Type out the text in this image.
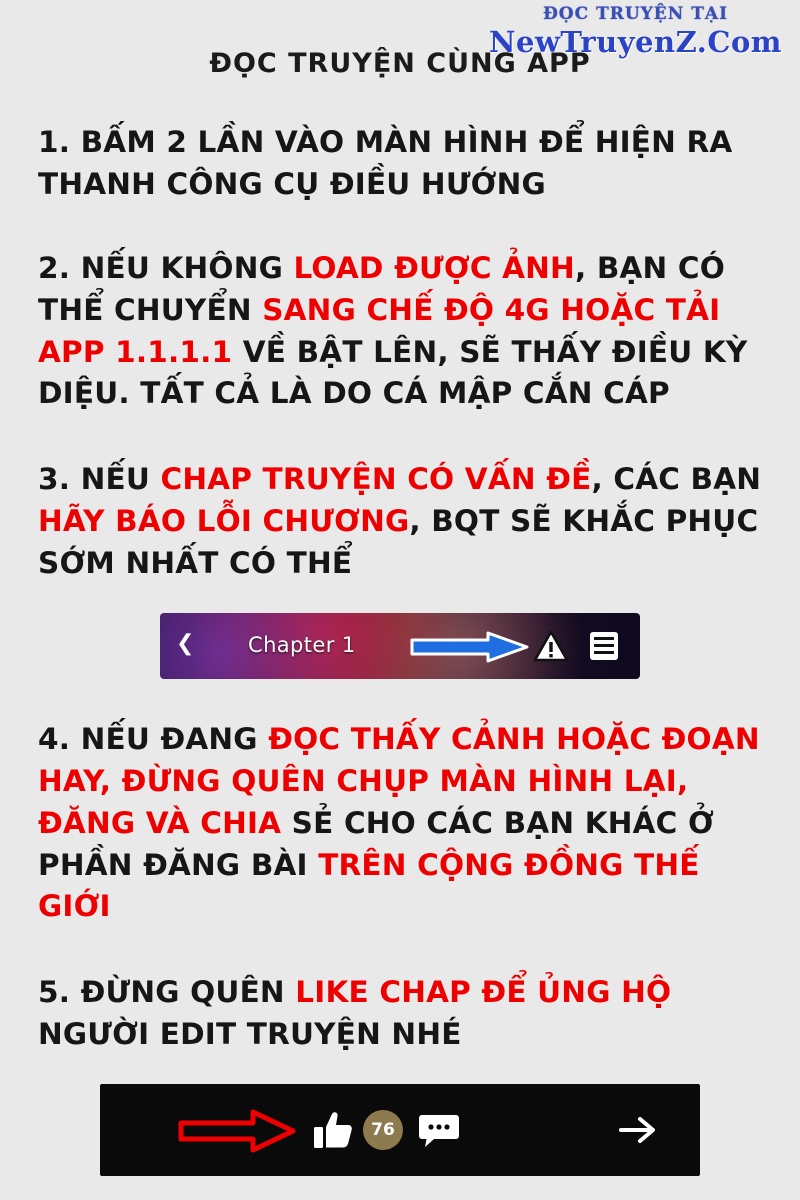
ĐỌC TRUYỆN TẠI
NewTruyenZ.Com
ĐỌC TRUYỆN CÙNG APP
1. BẤM 2 LẦN VÀO MÀN HÌNH ĐỂ HIỆN RA THANH CÔNG CỤ ĐIỀU HƯỚNG
2. NẾU KHÔNG LOAD ĐƯỢC ẢNH, BẠN CÓ THỂ CHUYỂN SANG CHẾ ĐỘ 4G HOẶC TẢI APP 1.1.1.1 VỀ BẬT LÊN, SẼ THẤY ĐIỀU KỲ DIỆU. TẤT CẢ LÀ DO CÁ MẬP CẮN CÁP
3. NẾU CHAP TRUYỆN CÓ VẤN ĐỀ, CÁC BẠN HÃY BÁO LỖI CHƯƠNG, BQT SẼ KHẮC PHỤC SỚM NHẤT CÓ THỂ
❮	Chapter 1
4. NẾU ĐANG ĐỌC THẤY CẢNH HOẶC ĐOẠN HAY, ĐỪNG QUÊN CHỤP MÀN HÌNH LẠI, ĐĂNG VÀ CHIA SẺ CHO CÁC BẠN KHÁC Ở PHẦN ĐĂNG BÀI TRÊN CỘNG ĐỒNG THẾ GIỚI
5. ĐỪNG QUÊN LIKE CHAP ĐỂ ỦNG HỘ NGƯỜI EDIT TRUYỆN NHÉ
76
